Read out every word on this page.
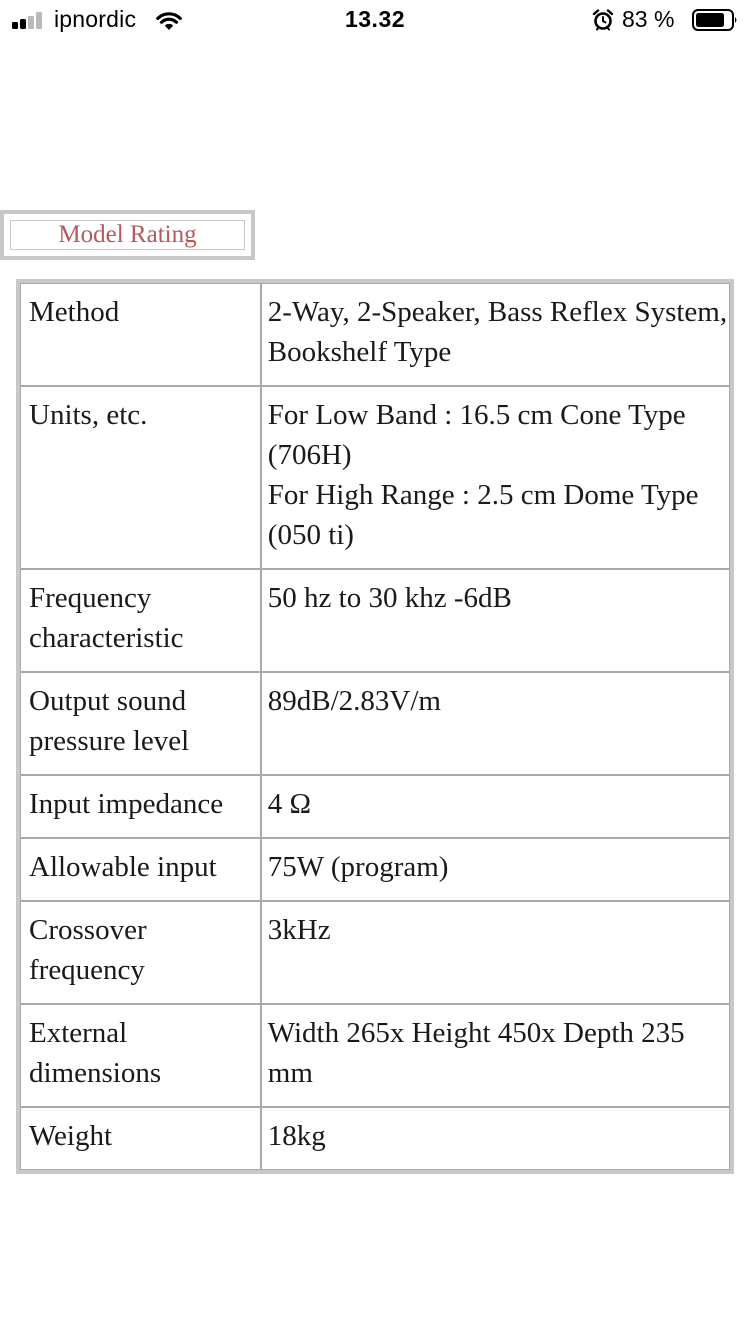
ipnordic	13.32	83 %
Model Rating
Method	2-Way, 2-Speaker, Bass Reflex System, Bookshelf Type

Units, etc.	For Low Band : 16.5 cm Cone Type (706H)
For High Range : 2.5 cm Dome Type (050 ti)

Frequency characteristic	50 hz to 30 khz -6dB

Output sound pressure level	89dB/2.83V/m

Input impedance	4 Ω

Allowable input	75W (program)

Crossover frequency	3kHz

External dimensions	Width 265x Height 450x Depth 235 mm

Weight	18kg
